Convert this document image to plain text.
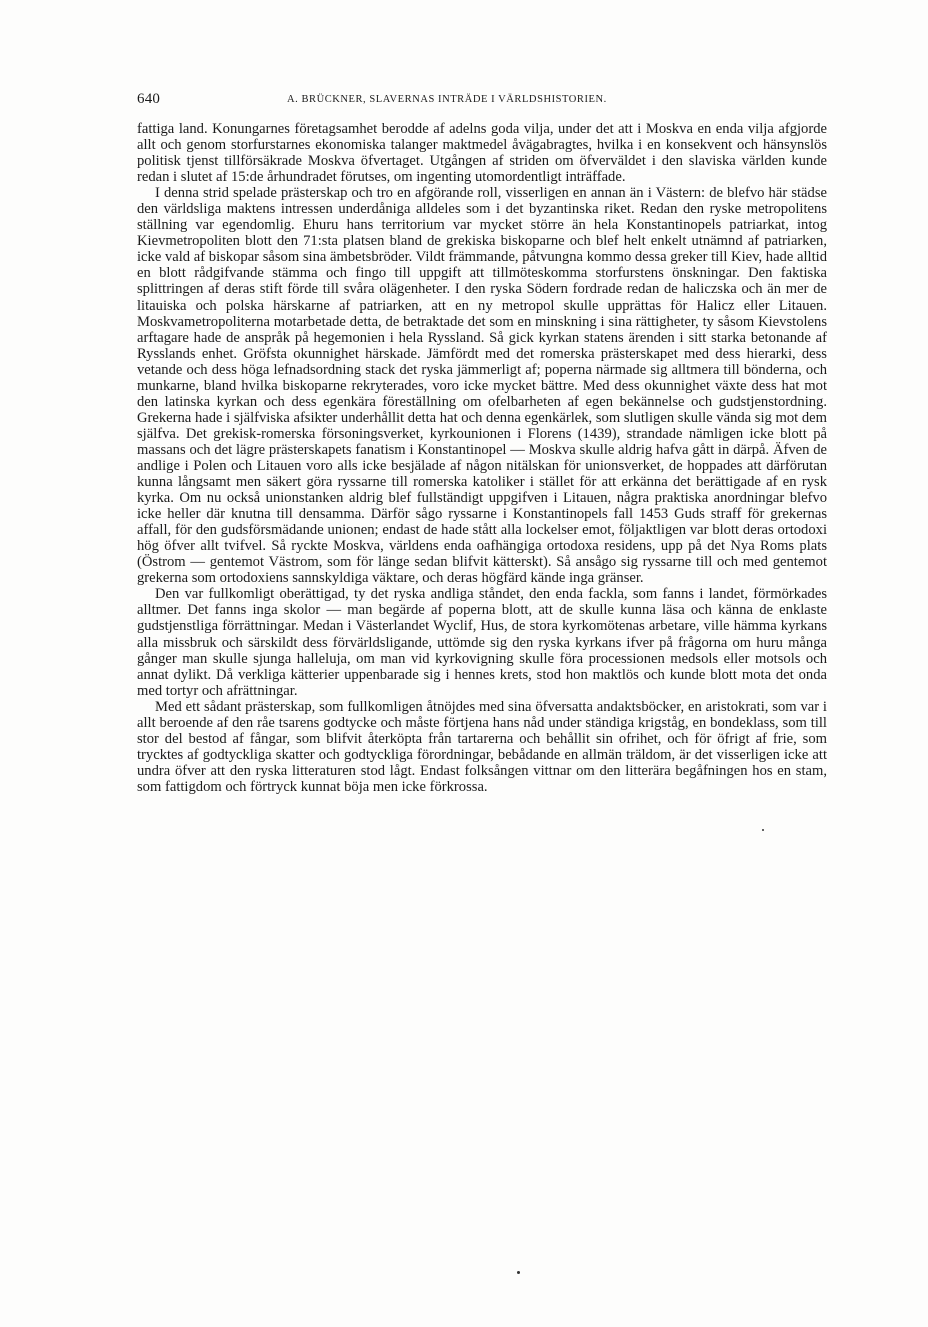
640	A. BRÜCKNER, SLAVERNAS INTRÄDE I VÄRLDSHISTORIEN.

fattiga land. Konungarnes företagsamhet berodde af adelns goda vilja, under det att i Moskva en enda vilja afgjorde allt och genom storfurstarnes ekonomiska talanger maktmedel åvägabragtes, hvilka i en konsekvent och hänsynslös politisk tjenst tillförsäkrade Moskva öfvertaget. Utgången af striden om öfverväldet i den slaviska världen kunde redan i slutet af 15:de århundradet förutses, om ingenting utomordentligt inträffade.

I denna strid spelade prästerskap och tro en afgörande roll, visserligen en annan än i Västern: de blefvo här städse den världsliga maktens intressen underdåniga alldeles som i det byzantinska riket. Redan den ryske metropolitens ställning var egendomlig. Ehuru hans territorium var mycket större än hela Konstantinopels patriarkat, intog Kievmetropoliten blott den 71:sta platsen bland de grekiska biskoparne och blef helt enkelt utnämnd af patriarken, icke vald af biskopar såsom sina ämbetsbröder. Vildt främmande, påtvungna kommo dessa greker till Kiev, hade alltid en blott rådgifvande stämma och fingo till uppgift att tillmöteskomma storfurstens önskningar. Den faktiska splittringen af deras stift förde till svåra olägenheter. I den ryska Södern fordrade redan de haliczska och än mer de litauiska och polska härskarne af patriarken, att en ny metropol skulle upprättas för Halicz eller Litauen. Moskvametropoliterna motarbetade detta, de betraktade det som en minskning i sina rättigheter, ty såsom Kievstolens arftagare hade de anspråk på hegemonien i hela Ryssland. Så gick kyrkan statens ärenden i sitt starka betonande af Rysslands enhet. Gröfsta okunnighet härskade. Jämfördt med det romerska prästerskapet med dess hierarki, dess vetande och dess höga lefnadsordning stack det ryska jämmerligt af; poperna närmade sig alltmera till bönderna, och munkarne, bland hvilka biskoparne rekryterades, voro icke mycket bättre. Med dess okunnighet växte dess hat mot den latinska kyrkan och dess egenkära föreställning om ofelbarheten af egen bekännelse och gudstjenstordning. Grekerna hade i själfviska afsikter underhållit detta hat och denna egenkärlek, som slutligen skulle vända sig mot dem själfva. Det grekisk-romerska försoningsverket, kyrkounionen i Florens (1439), strandade nämligen icke blott på massans och det lägre prästerskapets fanatism i Konstantinopel — Moskva skulle aldrig hafva gått in därpå. Äfven de andlige i Polen och Litauen voro alls icke besjälade af någon nitälskan för unionsverket, de hoppades att därförutan kunna långsamt men säkert göra ryssarne till romerska katoliker i stället för att erkänna det berättigade af en rysk kyrka. Om nu också unionstanken aldrig blef fullständigt uppgifven i Litauen, några praktiska anordningar blefvo icke heller där knutna till densamma. Därför sågo ryssarne i Konstantinopels fall 1453 Guds straff för grekernas affall, för den gudsförsmädande unionen; endast de hade stått alla lockelser emot, följaktligen var blott deras ortodoxi hög öfver allt tvifvel. Så ryckte Moskva, världens enda oafhängiga ortodoxa residens, upp på det Nya Roms plats (Östrom — gentemot Västrom, som för länge sedan blifvit kätterskt). Så ansågo sig ryssarne till och med gentemot grekerna som ortodoxiens sannskyldiga väktare, och deras högfärd kände inga gränser.

Den var fullkomligt oberättigad, ty det ryska andliga ståndet, den enda fackla, som fanns i landet, förmörkades alltmer. Det fanns inga skolor — man begärde af poperna blott, att de skulle kunna läsa och känna de enklaste gudstjenstliga förrättningar. Medan i Västerlandet Wyclif, Hus, de stora kyrkomötenas arbetare, ville hämma kyrkans alla missbruk och särskildt dess förvärldsligande, uttömde sig den ryska kyrkans ifver på frågorna om huru många gånger man skulle sjunga halleluja, om man vid kyrkovigning skulle föra processionen medsols eller motsols och annat dylikt. Då verkliga kätterier uppenbarade sig i hennes krets, stod hon maktlös och kunde blott mota det onda med tortyr och afrättningar.

Med ett sådant prästerskap, som fullkomligen åtnöjdes med sina öfversatta andaktsböcker, en aristokrati, som var i allt beroende af den råe tsarens godtycke och måste förtjena hans nåd under ständiga krigståg, en bondeklass, som till stor del bestod af fångar, som blifvit återköpta från tartarerna och behållit sin ofrihet, och för öfrigt af frie, som trycktes af godtyckliga skatter och godtyckliga förordningar, bebådande en allmän träldom, är det visserligen icke att undra öfver att den ryska litteraturen stod lågt. Endast folksången vittnar om den litterära begåfningen hos en stam, som fattigdom och förtryck kunnat böja men icke förkrossa.
